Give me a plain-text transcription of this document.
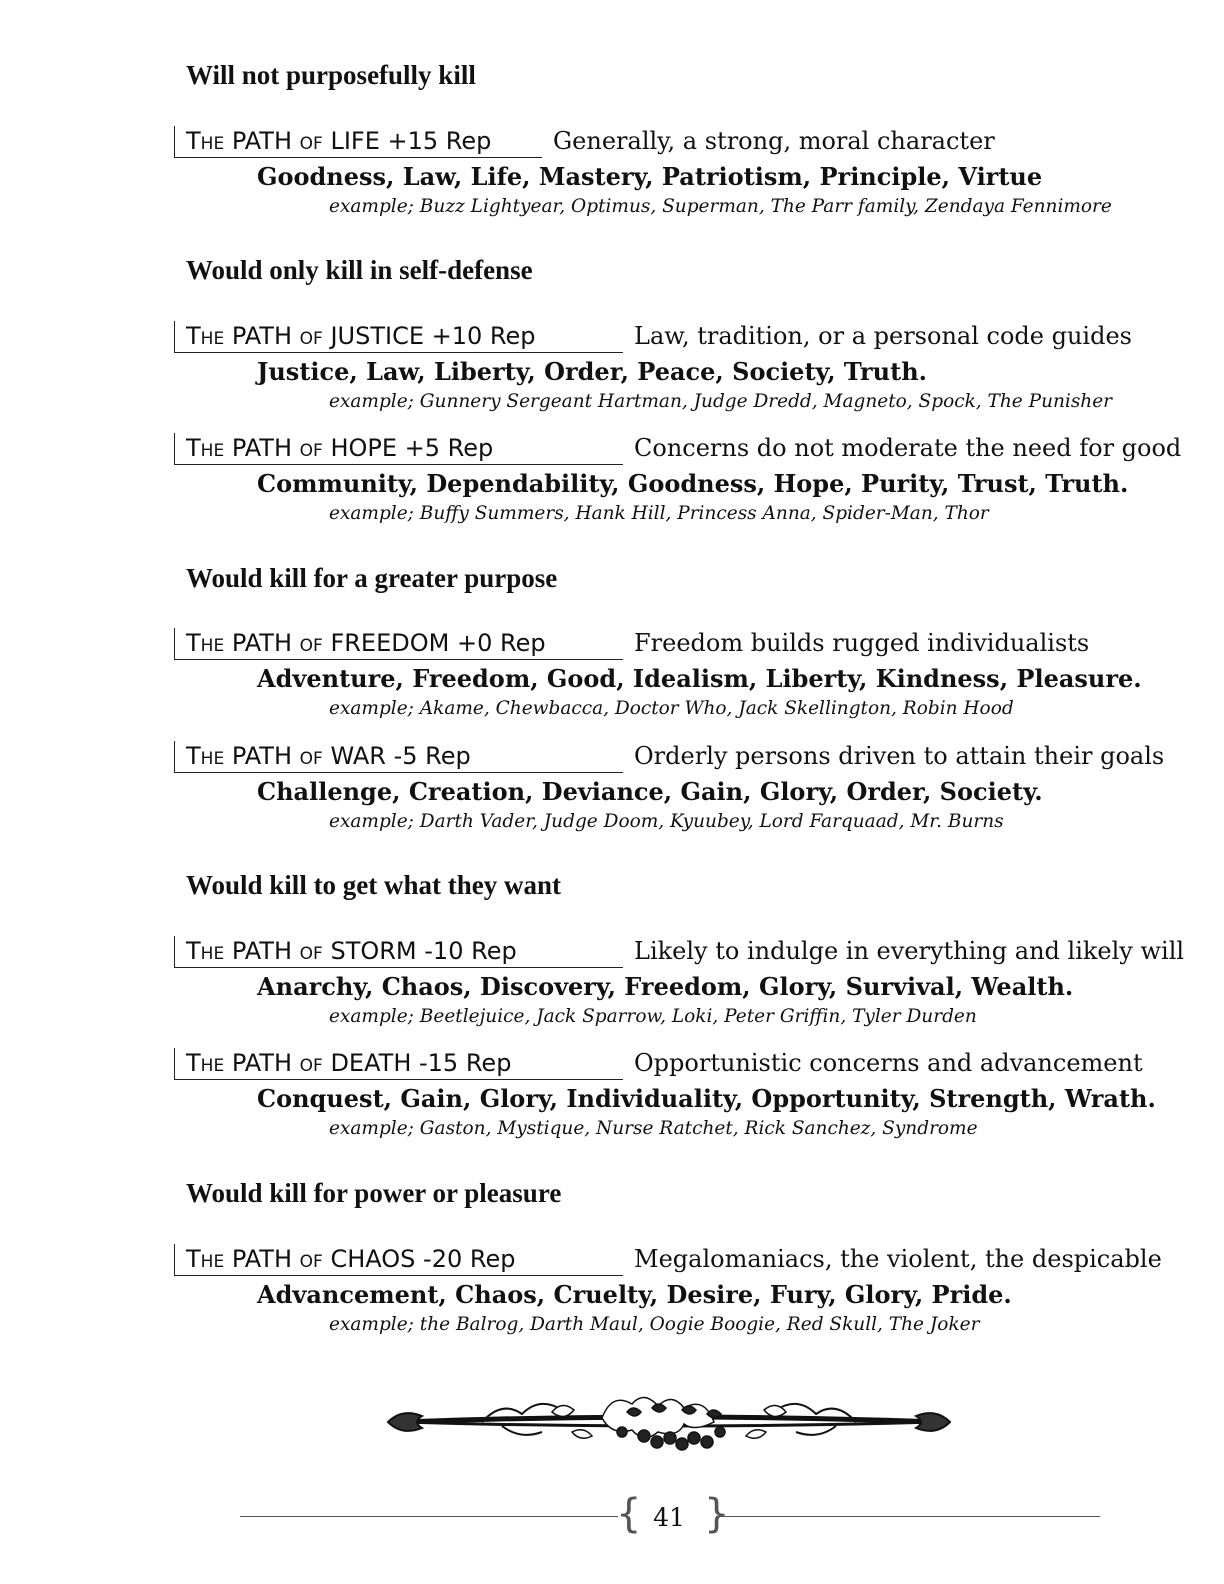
Will not purposefully kill
The PATH of LIFE +15 Rep	Generally, a strong, moral character
Goodness, Law, Life, Mastery, Patriotism, Principle, Virtue
example; Buzz Lightyear, Optimus, Superman, The Parr family, Zendaya Fennimore
Would only kill in self-defense
The PATH of JUSTICE +10 Rep	Law, tradition, or a personal code guides
Justice, Law, Liberty, Order, Peace, Society, Truth.
example; Gunnery Sergeant Hartman, Judge Dredd, Magneto, Spock, The Punisher
The PATH of HOPE +5 Rep	Concerns do not moderate the need for good
Community, Dependability, Goodness, Hope, Purity, Trust, Truth.
example; Buffy Summers, Hank Hill, Princess Anna, Spider-Man, Thor
Would kill for a greater purpose
The PATH of FREEDOM +0 Rep	Freedom builds rugged individualists
Adventure, Freedom, Good, Idealism, Liberty, Kindness, Pleasure.
example; Akame, Chewbacca, Doctor Who, Jack Skellington, Robin Hood
The PATH of WAR -5 Rep	Orderly persons driven to attain their goals
Challenge, Creation, Deviance, Gain, Glory, Order, Society.
example; Darth Vader, Judge Doom, Kyuubey, Lord Farquaad, Mr. Burns
Would kill to get what they want
The PATH of STORM -10 Rep	Likely to indulge in everything and likely will
Anarchy, Chaos, Discovery, Freedom, Glory, Survival, Wealth.
example; Beetlejuice, Jack Sparrow, Loki, Peter Griffin, Tyler Durden
The PATH of DEATH -15 Rep	Opportunistic concerns and advancement
Conquest, Gain, Glory, Individuality, Opportunity, Strength, Wrath.
example; Gaston, Mystique, Nurse Ratchet, Rick Sanchez, Syndrome
Would kill for power or pleasure
The PATH of CHAOS -20 Rep	Megalomaniacs, the violent, the despicable
Advancement, Chaos, Cruelty, Desire, Fury, Glory, Pride.
example; the Balrog, Darth Maul, Oogie Boogie, Red Skull, The Joker
{ }
41
